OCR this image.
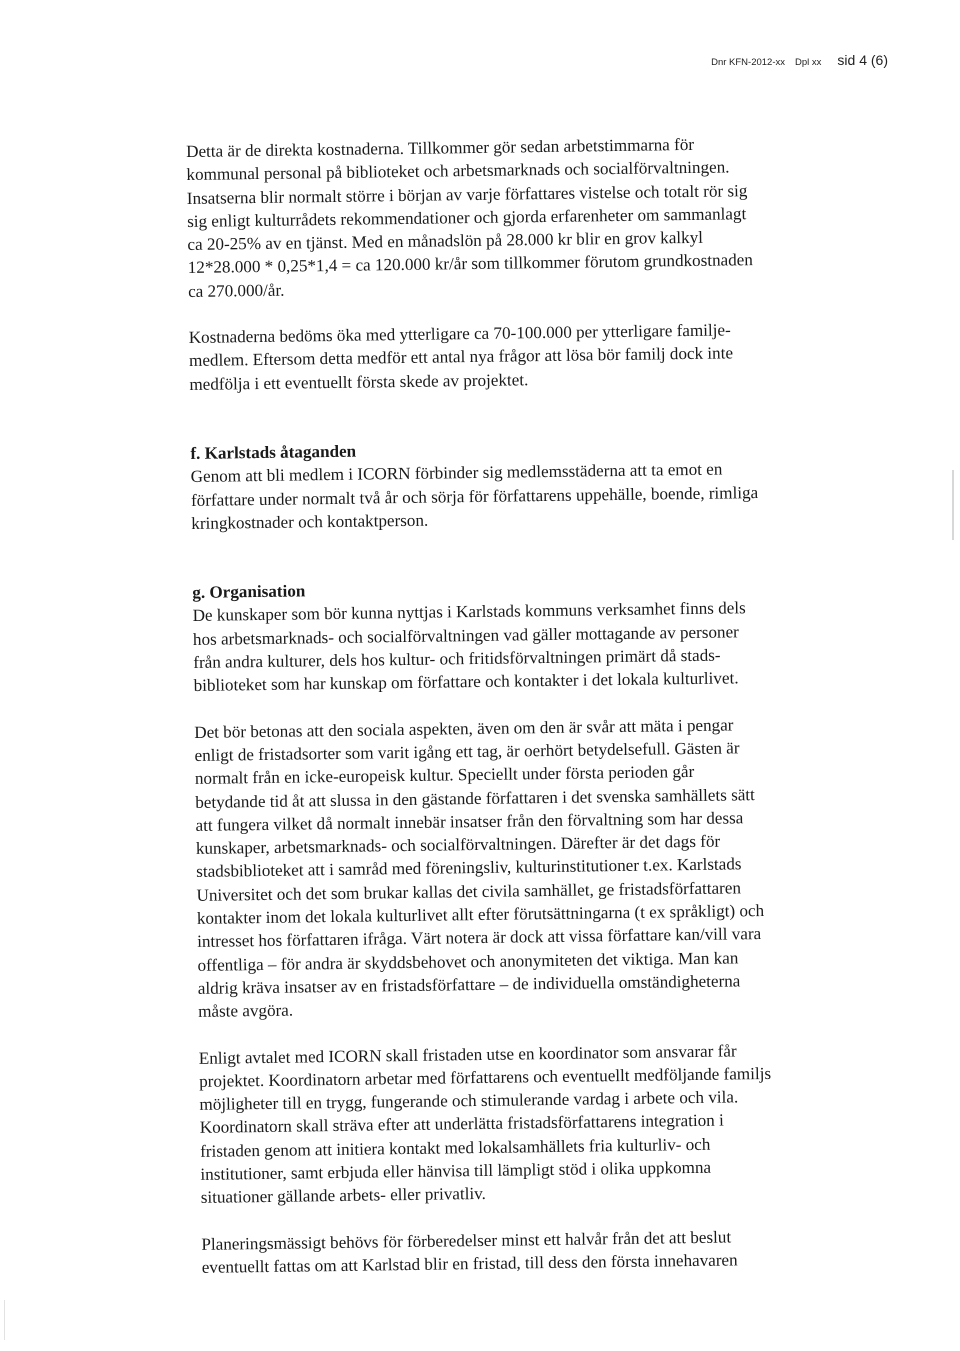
Dnr KFN-2012-xx Dpl xx sid 4 (6)

Detta är de direkta kostnaderna. Tillkommer gör sedan arbetstimmarna för

kommunal personal på biblioteket och arbetsmarknads och socialförvaltningen.

Insatserna blir normalt större i början av varje författares vistelse och totalt rör sig

sig enligt kulturrådets rekommendationer och gjorda erfarenheter om sammanlagt

ca 20-25% av en tjänst. Med en månadslön på 28.000 kr blir en grov kalkyl

12*28.000 * 0,25*1,4 = ca 120.000 kr/år som tillkommer förutom grundkostnaden

ca 270.000/år.

Kostnaderna bedöms öka med ytterligare ca 70-100.000 per ytterligare familje-

medlem. Eftersom detta medför ett antal nya frågor att lösa bör familj dock inte

medfölja i ett eventuellt första skede av projektet.

f. Karlstads åtaganden

Genom att bli medlem i ICORN förbinder sig medlemsstäderna att ta emot en

författare under normalt två år och sörja för författarens uppehälle, boende, rimliga

kringkostnader och kontaktperson.

g. Organisation

De kunskaper som bör kunna nyttjas i Karlstads kommuns verksamhet finns dels

hos arbetsmarknads- och socialförvaltningen vad gäller mottagande av personer

från andra kulturer, dels hos kultur- och fritidsförvaltningen primärt då stads-

biblioteket som har kunskap om författare och kontakter i det lokala kulturlivet.

Det bör betonas att den sociala aspekten, även om den är svår att mäta i pengar

enligt de fristadsorter som varit igång ett tag, är oerhört betydelsefull. Gästen är

normalt från en icke-europeisk kultur. Speciellt under första perioden går

betydande tid åt att slussa in den gästande författaren i det svenska samhällets sätt

att fungera vilket då normalt innebär insatser från den förvaltning som har dessa

kunskaper, arbetsmarknads- och socialförvaltningen. Därefter är det dags för

stadsbiblioteket att i samråd med föreningsliv, kulturinstitutioner t.ex. Karlstads

Universitet och det som brukar kallas det civila samhället, ge fristadsförfattaren

kontakter inom det lokala kulturlivet allt efter förutsättningarna (t ex språkligt) och

intresset hos författaren ifråga. Värt notera är dock att vissa författare kan/vill vara

offentliga – för andra är skyddsbehovet och anonymiteten det viktiga. Man kan

aldrig kräva insatser av en fristadsförfattare – de individuella omständigheterna

måste avgöra.

Enligt avtalet med ICORN skall fristaden utse en koordinator som ansvarar får

projektet. Koordinatorn arbetar med författarens och eventuellt medföljande familjs

möjligheter till en trygg, fungerande och stimulerande vardag i arbete och vila.

Koordinatorn skall sträva efter att underlätta fristadsförfattarens integration i

fristaden genom att initiera kontakt med lokalsamhällets fria kulturliv- och

institutioner, samt erbjuda eller hänvisa till lämpligt stöd i olika uppkomna

situationer gällande arbets- eller privatliv.

Planeringsmässigt behövs för förberedelser minst ett halvår från det att beslut

eventuellt fattas om att Karlstad blir en fristad, till dess den första innehavaren
